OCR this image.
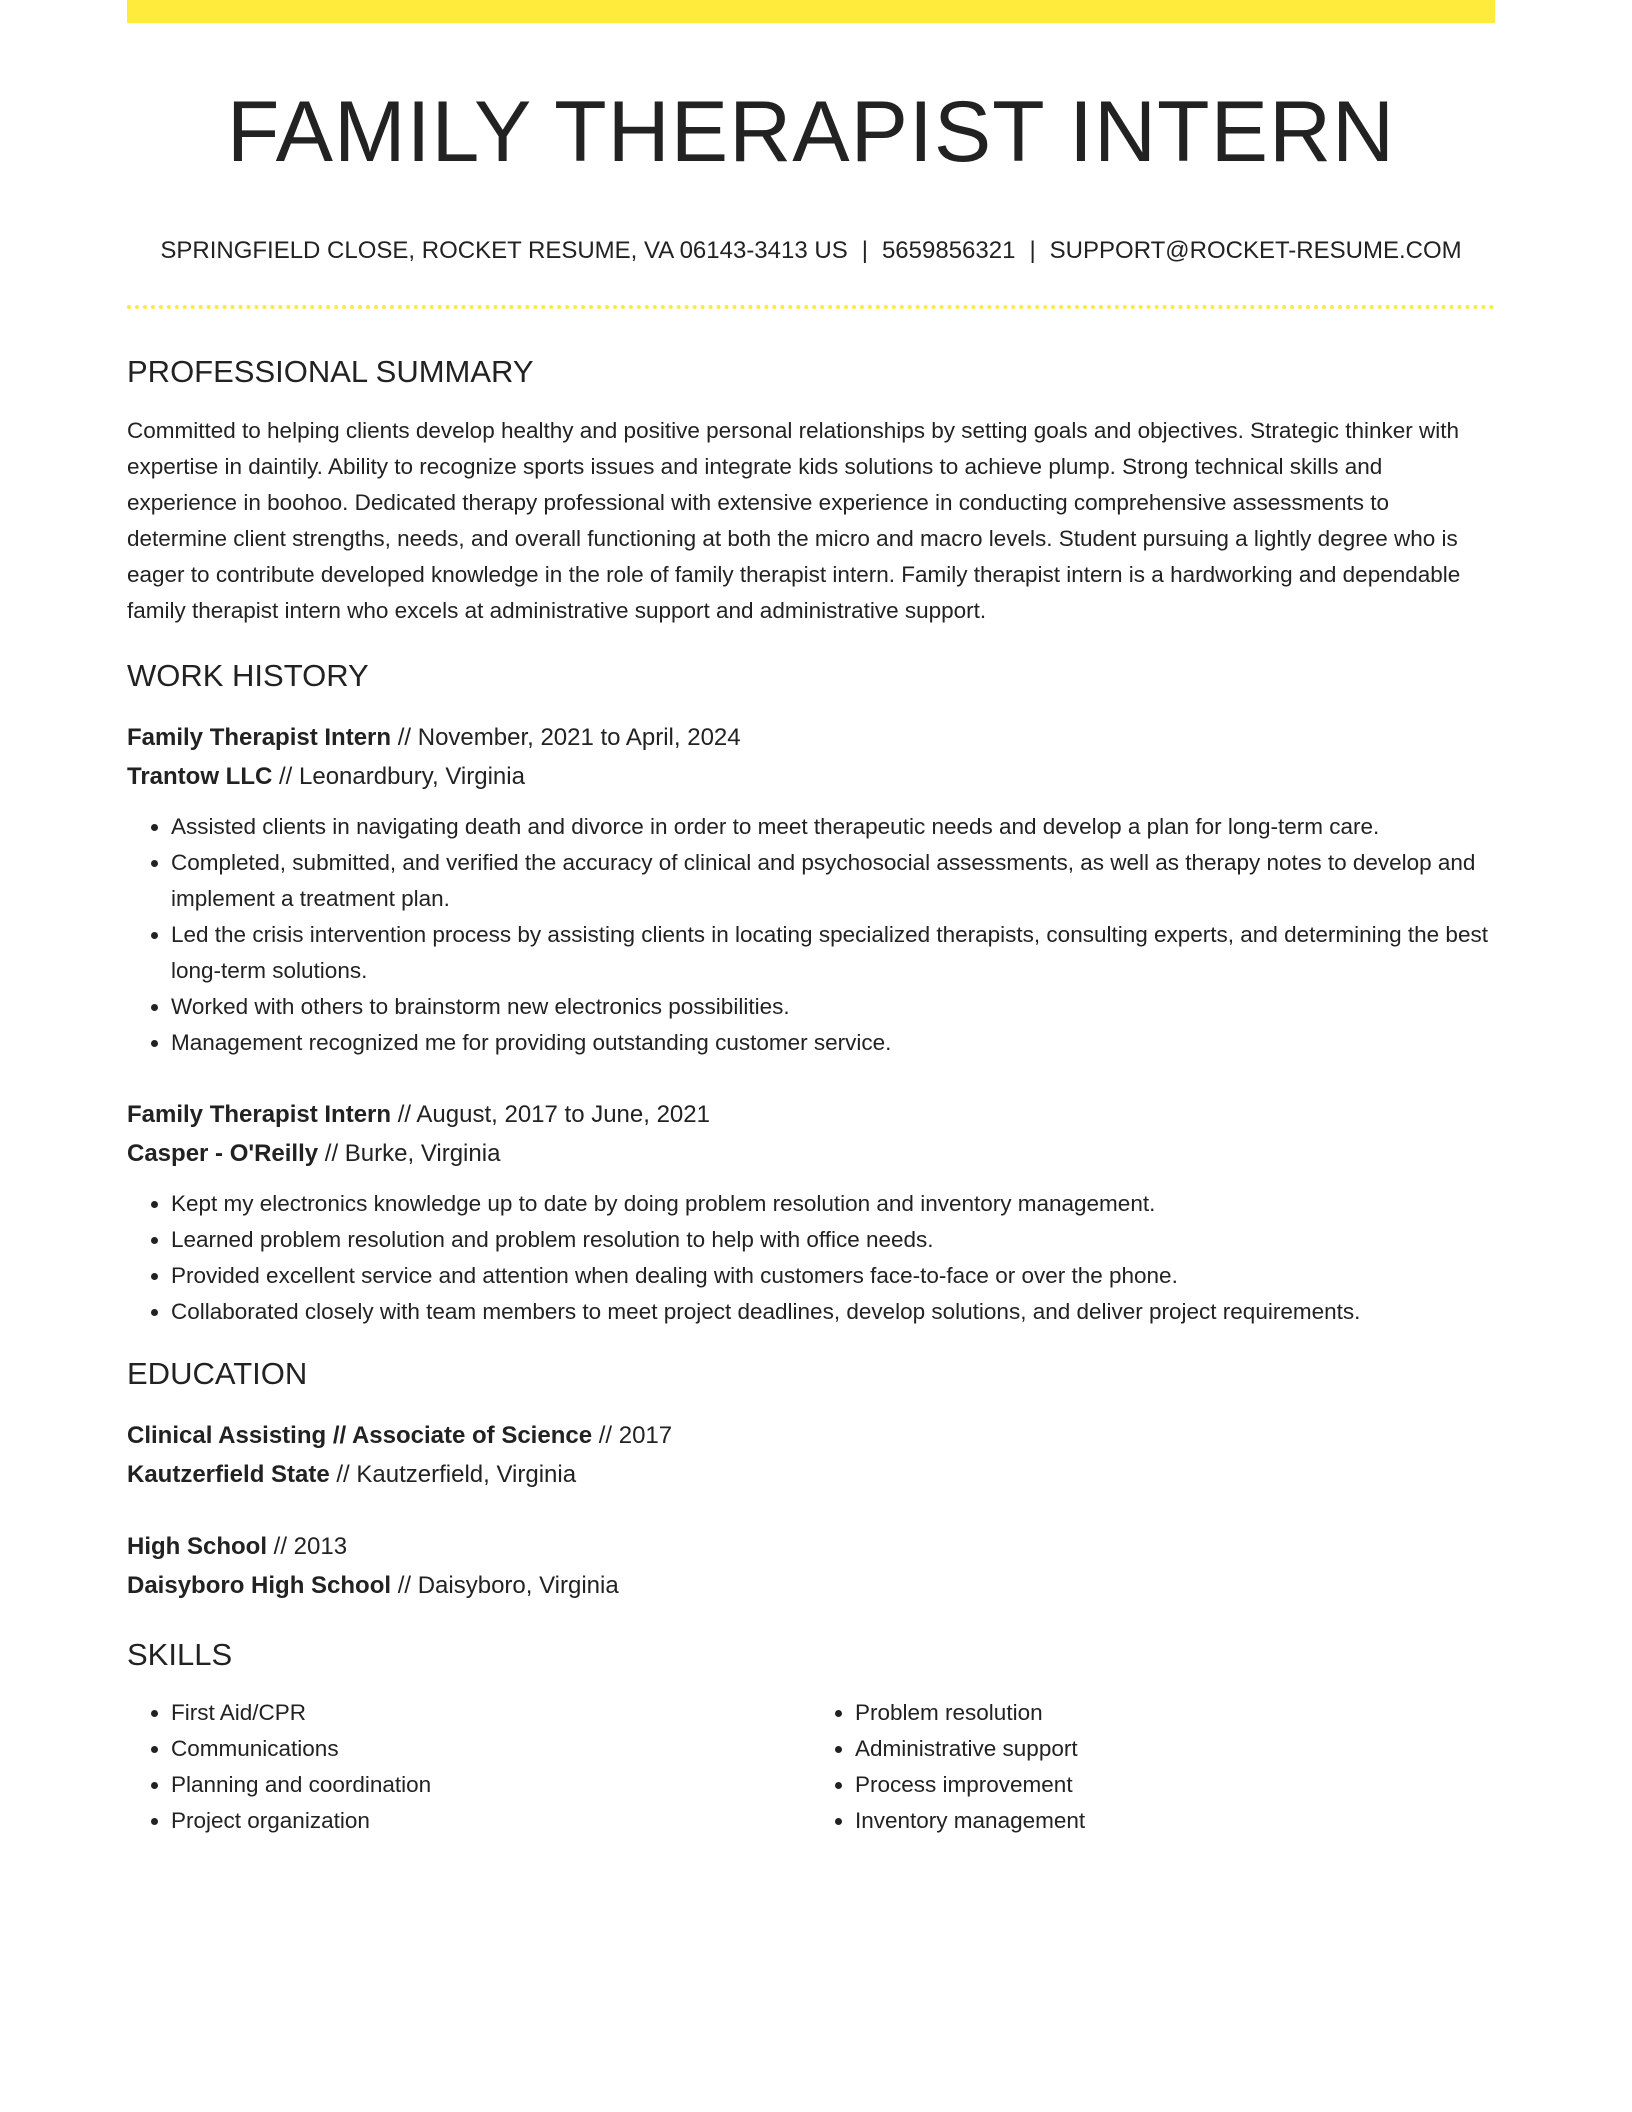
FAMILY THERAPIST INTERN
SPRINGFIELD CLOSE, ROCKET RESUME, VA 06143-3413 US | 5659856321 | SUPPORT@ROCKET-RESUME.COM
PROFESSIONAL SUMMARY

Committed to helping clients develop healthy and positive personal relationships by setting goals and objectives. Strategic thinker with expertise in daintily. Ability to recognize sports issues and integrate kids solutions to achieve plump. Strong technical skills and experience in boohoo. Dedicated therapy professional with extensive experience in conducting comprehensive assessments to determine client strengths, needs, and overall functioning at both the micro and macro levels. Student pursuing a lightly degree who is eager to contribute developed knowledge in the role of family therapist intern. Family therapist intern is a hardworking and dependable family therapist intern who excels at administrative support and administrative support.

WORK HISTORY
Family Therapist Intern // November, 2021 to April, 2024
Trantow LLC // Leonardbury, Virginia
• Assisted clients in navigating death and divorce in order to meet therapeutic needs and develop a plan for long-term care.
• Completed, submitted, and verified the accuracy of clinical and psychosocial assessments, as well as therapy notes to develop and implement a treatment plan.
• Led the crisis intervention process by assisting clients in locating specialized therapists, consulting experts, and determining the best long-term solutions.
• Worked with others to brainstorm new electronics possibilities.
• Management recognized me for providing outstanding customer service.
Family Therapist Intern // August, 2017 to June, 2021
Casper - O'Reilly // Burke, Virginia
• Kept my electronics knowledge up to date by doing problem resolution and inventory management.
• Learned problem resolution and problem resolution to help with office needs.
• Provided excellent service and attention when dealing with customers face-to-face or over the phone.
• Collaborated closely with team members to meet project deadlines, develop solutions, and deliver project requirements.
EDUCATION
Clinical Assisting // Associate of Science // 2017
Kautzerfield State // Kautzerfield, Virginia
High School // 2013
Daisyboro High School // Daisyboro, Virginia
SKILLS
• First Aid/CPR
• Communications
• Planning and coordination
• Project organization
• Problem resolution
• Administrative support
• Process improvement
• Inventory management
